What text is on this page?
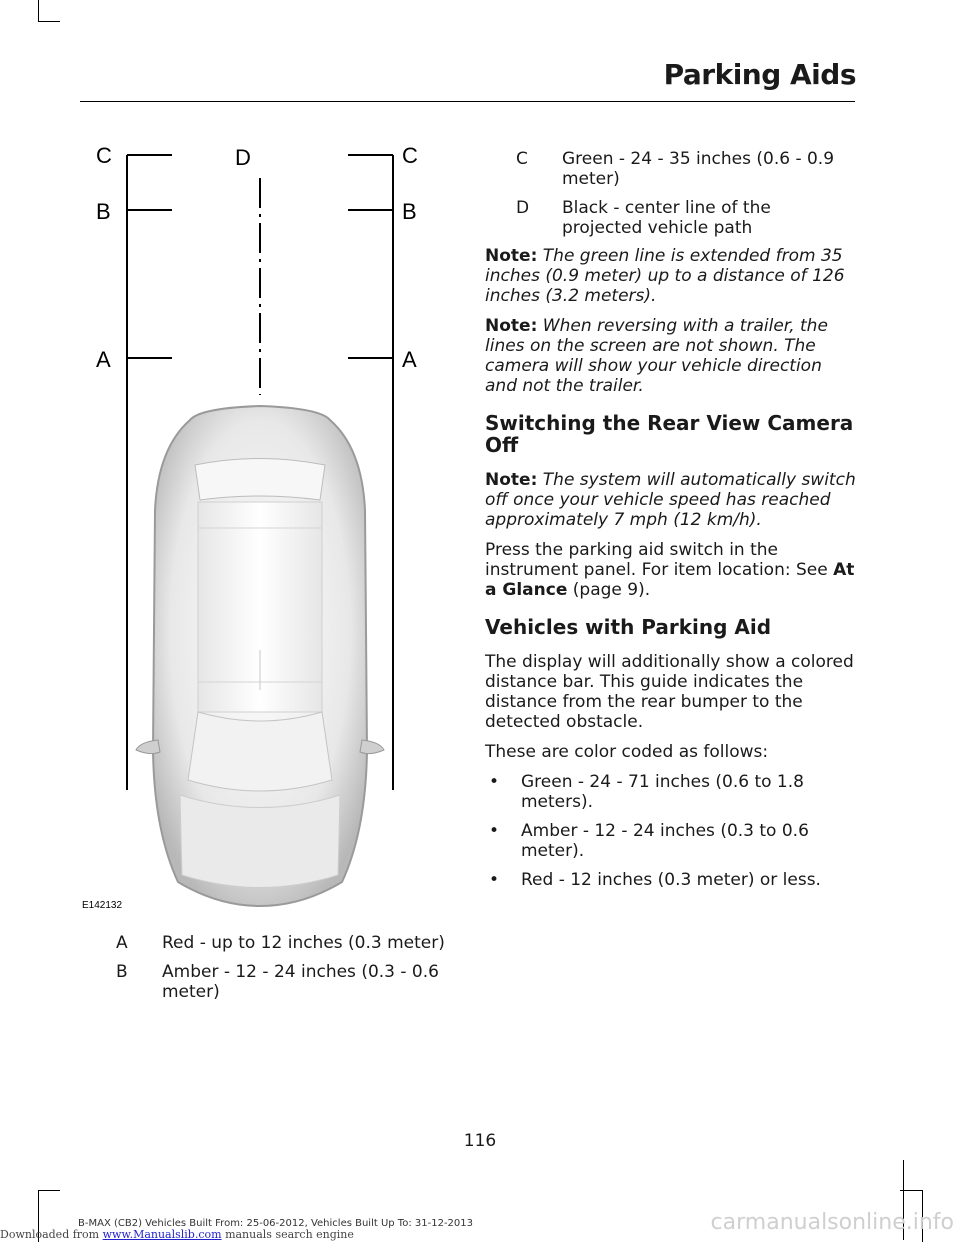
Parking Aids
C	D	C
B	B
A	A
E142132
A	Red - up to 12 inches (0.3 meter)
B	Amber - 12 - 24 inches (0.3 - 0.6 meter)
C	Green - 24 - 35 inches (0.6 - 0.9 meter)
D	Black - center line of the projected vehicle path

Note: The green line is extended from 35 inches (0.9 meter) up to a distance of 126 inches (3.2 meters).

Note: When reversing with a trailer, the lines on the screen are not shown. The camera will show your vehicle direction and not the trailer.

Switching the Rear View Camera Off

Note: The system will automatically switch off once your vehicle speed has reached approximately 7 mph (12 km/h).

Press the parking aid switch in the instrument panel. For item location: See At a Glance (page 9).

Vehicles with Parking Aid

The display will additionally show a colored distance bar. This guide indicates the distance from the rear bumper to the detected obstacle.

These are color coded as follows:

•	Green - 24 - 71 inches (0.6 to 1.8 meters).
•	Amber - 12 - 24 inches (0.3 to 0.6 meter).
•	Red - 12 inches (0.3 meter) or less.
116
B-MAX (CB2) Vehicles Built From: 25-06-2012, Vehicles Built Up To: 31-12-2013
Downloaded from www.Manualslib.com manuals search engine	carmanualsonline.info
